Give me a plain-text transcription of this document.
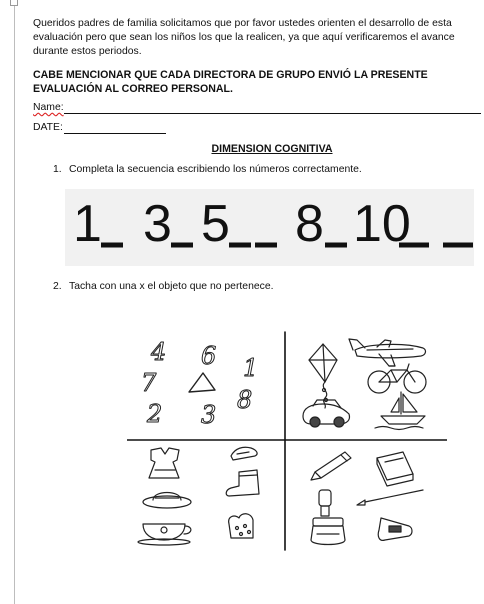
Queridos padres de familia solicitamos que por favor ustedes orienten el desarrollo de esta evaluación pero que sean los niños los que la realicen, ya que aquí verificaremos el avance durante estos periodos.
CABE MENCIONAR QUE CADA DIRECTORA DE GRUPO ENVIÓ LA PRESENTE EVALUACIÓN AL CORREO PERSONAL.
Name:
DATE:
DIMENSION COGNITIVA
1. Completa la secuencia escribiendo los números correctamente.
1 3 5 8 10
2. Tacha con una x el objeto que no pertenece.
4 6 1
7
2 3
8
